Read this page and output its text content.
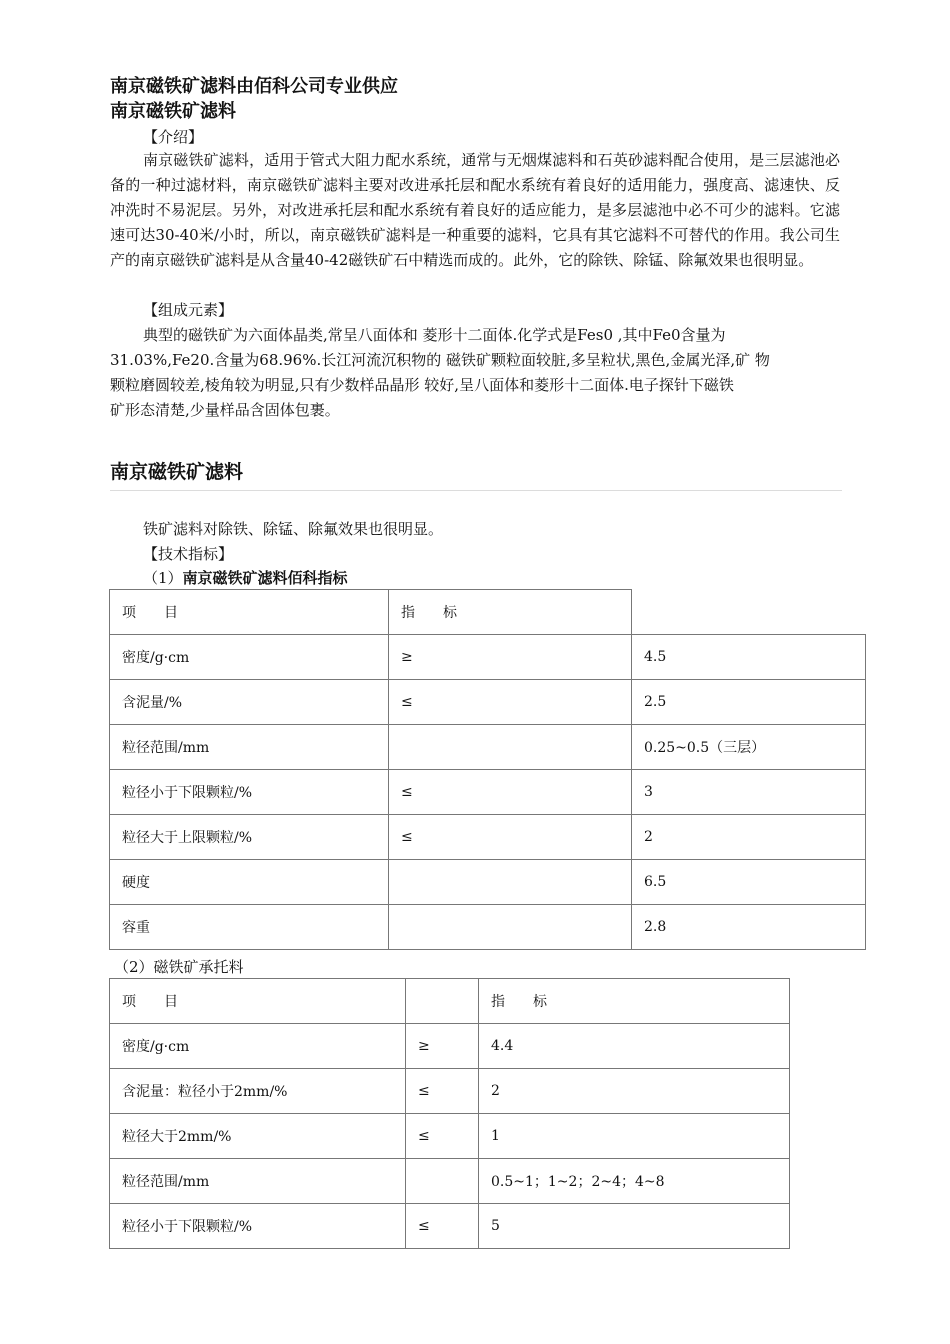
南京磁铁矿滤料由佰科公司专业供应
南京磁铁矿滤料
【介绍】
南京磁铁矿滤料，适用于管式大阻力配水系统，通常与无烟煤滤料和石英砂滤料配合使用，是三层滤池必备的一种过滤材料，南京磁铁矿滤料主要对改进承托层和配水系统有着良好的适用能力，强度高、滤速快、反冲洗时不易泥层。另外，对改进承托层和配水系统有着良好的适应能力，是多层滤池中必不可少的滤料。它滤速可达30-40米/小时，所以，南京磁铁矿滤料是一种重要的滤料，它具有其它滤料不可替代的作用。我公司生产的南京磁铁矿滤料是从含量40-42磁铁矿石中精选而成的。此外，它的除铁、除锰、除氟效果也很明显。
【组成元素】
典型的磁铁矿为六面体晶类,常呈八面体和 菱形十二面体.化学式是Fes0 ,其中Fe0含量为
31.03%,Fe20.含量为68.96%.长江河流沉积物的 磁铁矿颗粒面较脏,多呈粒状,黑色,金属光泽,矿 物
颗粒磨圆较差,棱角较为明显,只有少数样品晶形 较好,呈八面体和菱形十二面体.电子探针下磁铁
矿形态清楚,少量样品含固体包裹。
南京磁铁矿滤料
铁矿滤料对除铁、除锰、除氟效果也很明显。
【技术指标】
（1）南京磁铁矿滤料佰科指标
项　　目	指　　标	
密度/g·cm	≥	4.5
含泥量/%	≤	2.5
粒径范围/mm		0.25~0.5（三层）
粒径小于下限颗粒/%	≤	3
粒径大于上限颗粒/%	≤	2
硬度		6.5
容重		2.8
（2）磁铁矿承托料
项　　目		指　　标
密度/g·cm	≥	4.4
含泥量：粒径小于2mm/%	≤	2
粒径大于2mm/%	≤	1
粒径范围/mm		0.5~1；1~2；2~4；4~8
粒径小于下限颗粒/%	≤	5
